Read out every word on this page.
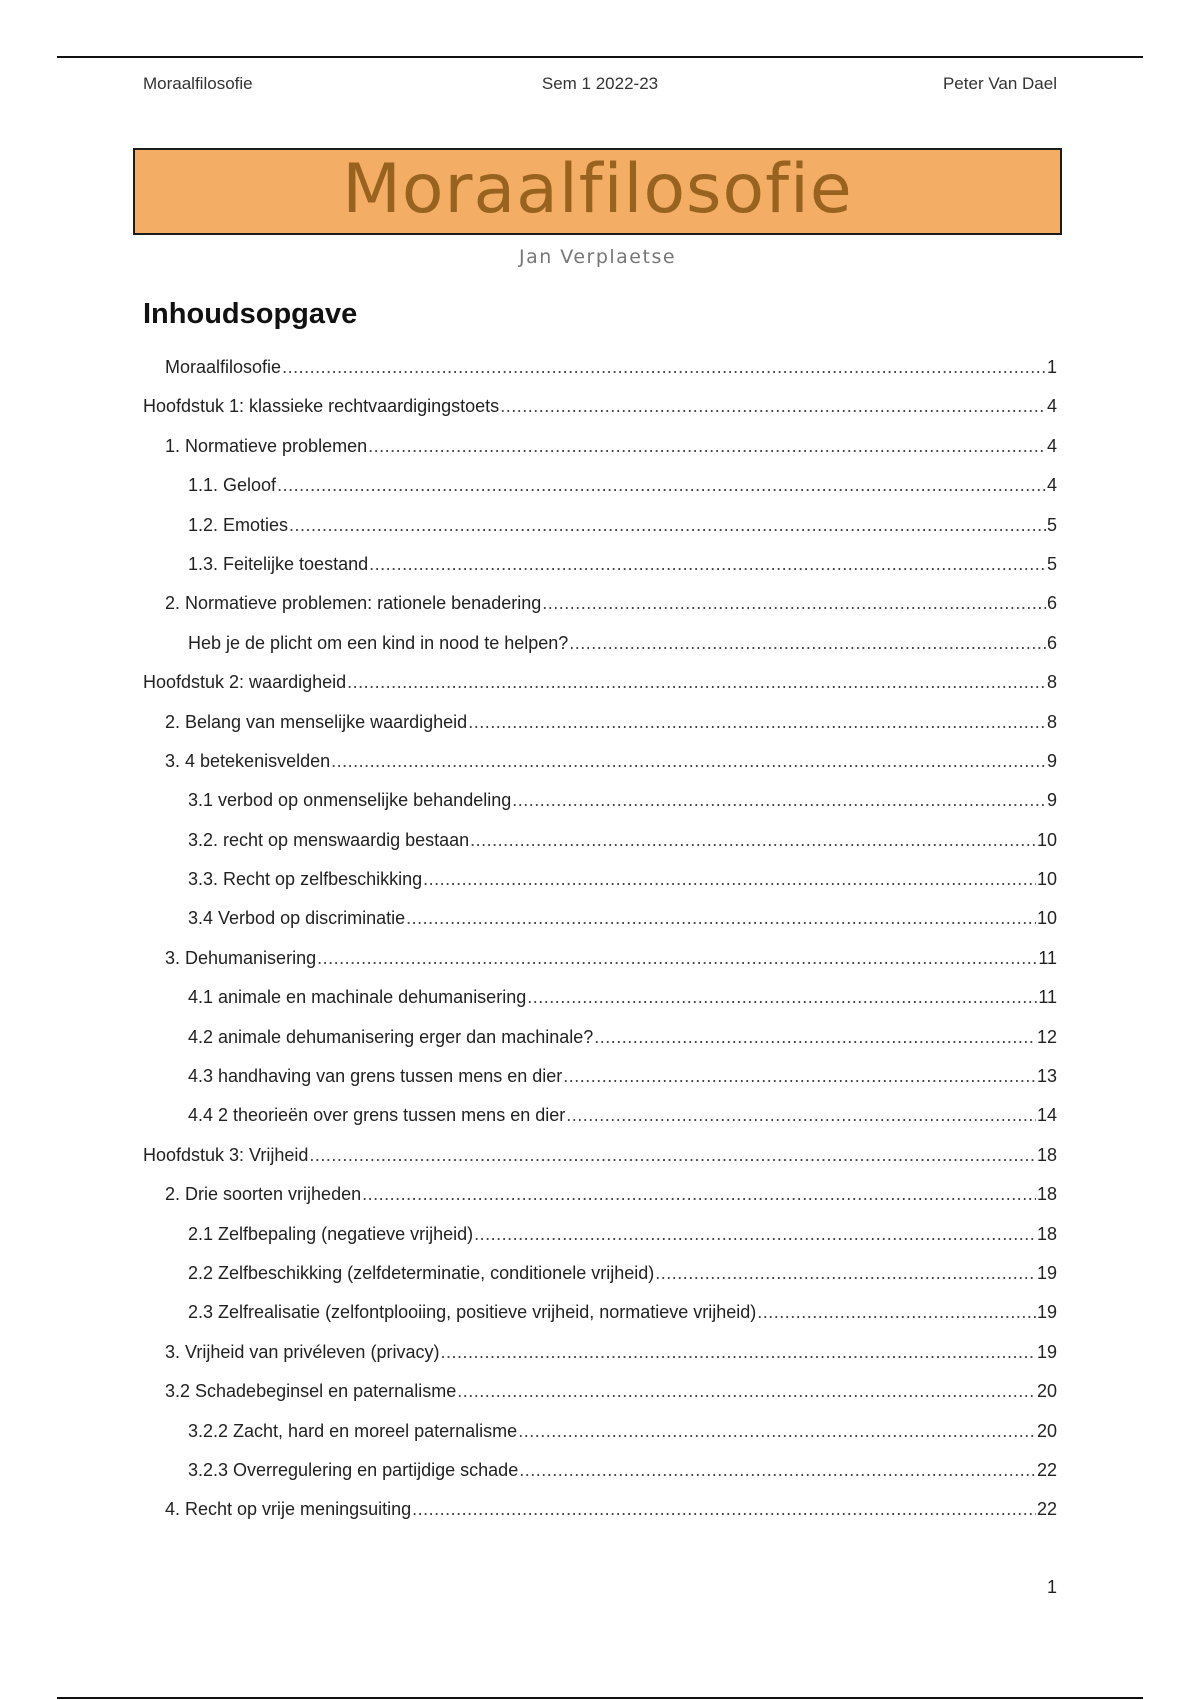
Moraalfilosofie	Sem 1 2022-23	Peter Van Dael
Moraalfilosofie
Jan Verplaetse
Inhoudsopgave
Moraalfilosofie .....	1
Hoofdstuk 1: klassieke rechtvaardigingstoets .....	4
1. Normatieve problemen .....	4
1.1. Geloof .....	4
1.2. Emoties .....	5
1.3. Feitelijke toestand .....	5
2. Normatieve problemen: rationele benadering .....	6
Heb je de plicht om een kind in nood te helpen? .....	6
Hoofdstuk 2: waardigheid .....	8
2. Belang van menselijke waardigheid .....	8
3. 4 betekenisvelden .....	9
3.1 verbod op onmenselijke behandeling .....	9
3.2. recht op menswaardig bestaan .....	10
3.3. Recht op zelfbeschikking .....	10
3.4 Verbod op discriminatie .....	10
3. Dehumanisering .....	11
4.1 animale en machinale dehumanisering .....	11
4.2 animale dehumanisering erger dan machinale? .....	12
4.3 handhaving van grens tussen mens en dier .....	13
4.4 2 theorieën over grens tussen mens en dier .....	14
Hoofdstuk 3: Vrijheid .....	18
2. Drie soorten vrijheden .....	18
2.1 Zelfbepaling (negatieve vrijheid) .....	18
2.2 Zelfbeschikking (zelfdeterminatie, conditionele vrijheid) .....	19
2.3 Zelfrealisatie (zelfontplooiing, positieve vrijheid, normatieve vrijheid) .....	19
3. Vrijheid van privéleven (privacy) .....	19
3.2 Schadebeginsel en paternalisme .....	20
3.2.2 Zacht, hard en moreel paternalisme .....	20
3.2.3 Overregulering en partijdige schade .....	22
4. Recht op vrije meningsuiting .....	22
1
